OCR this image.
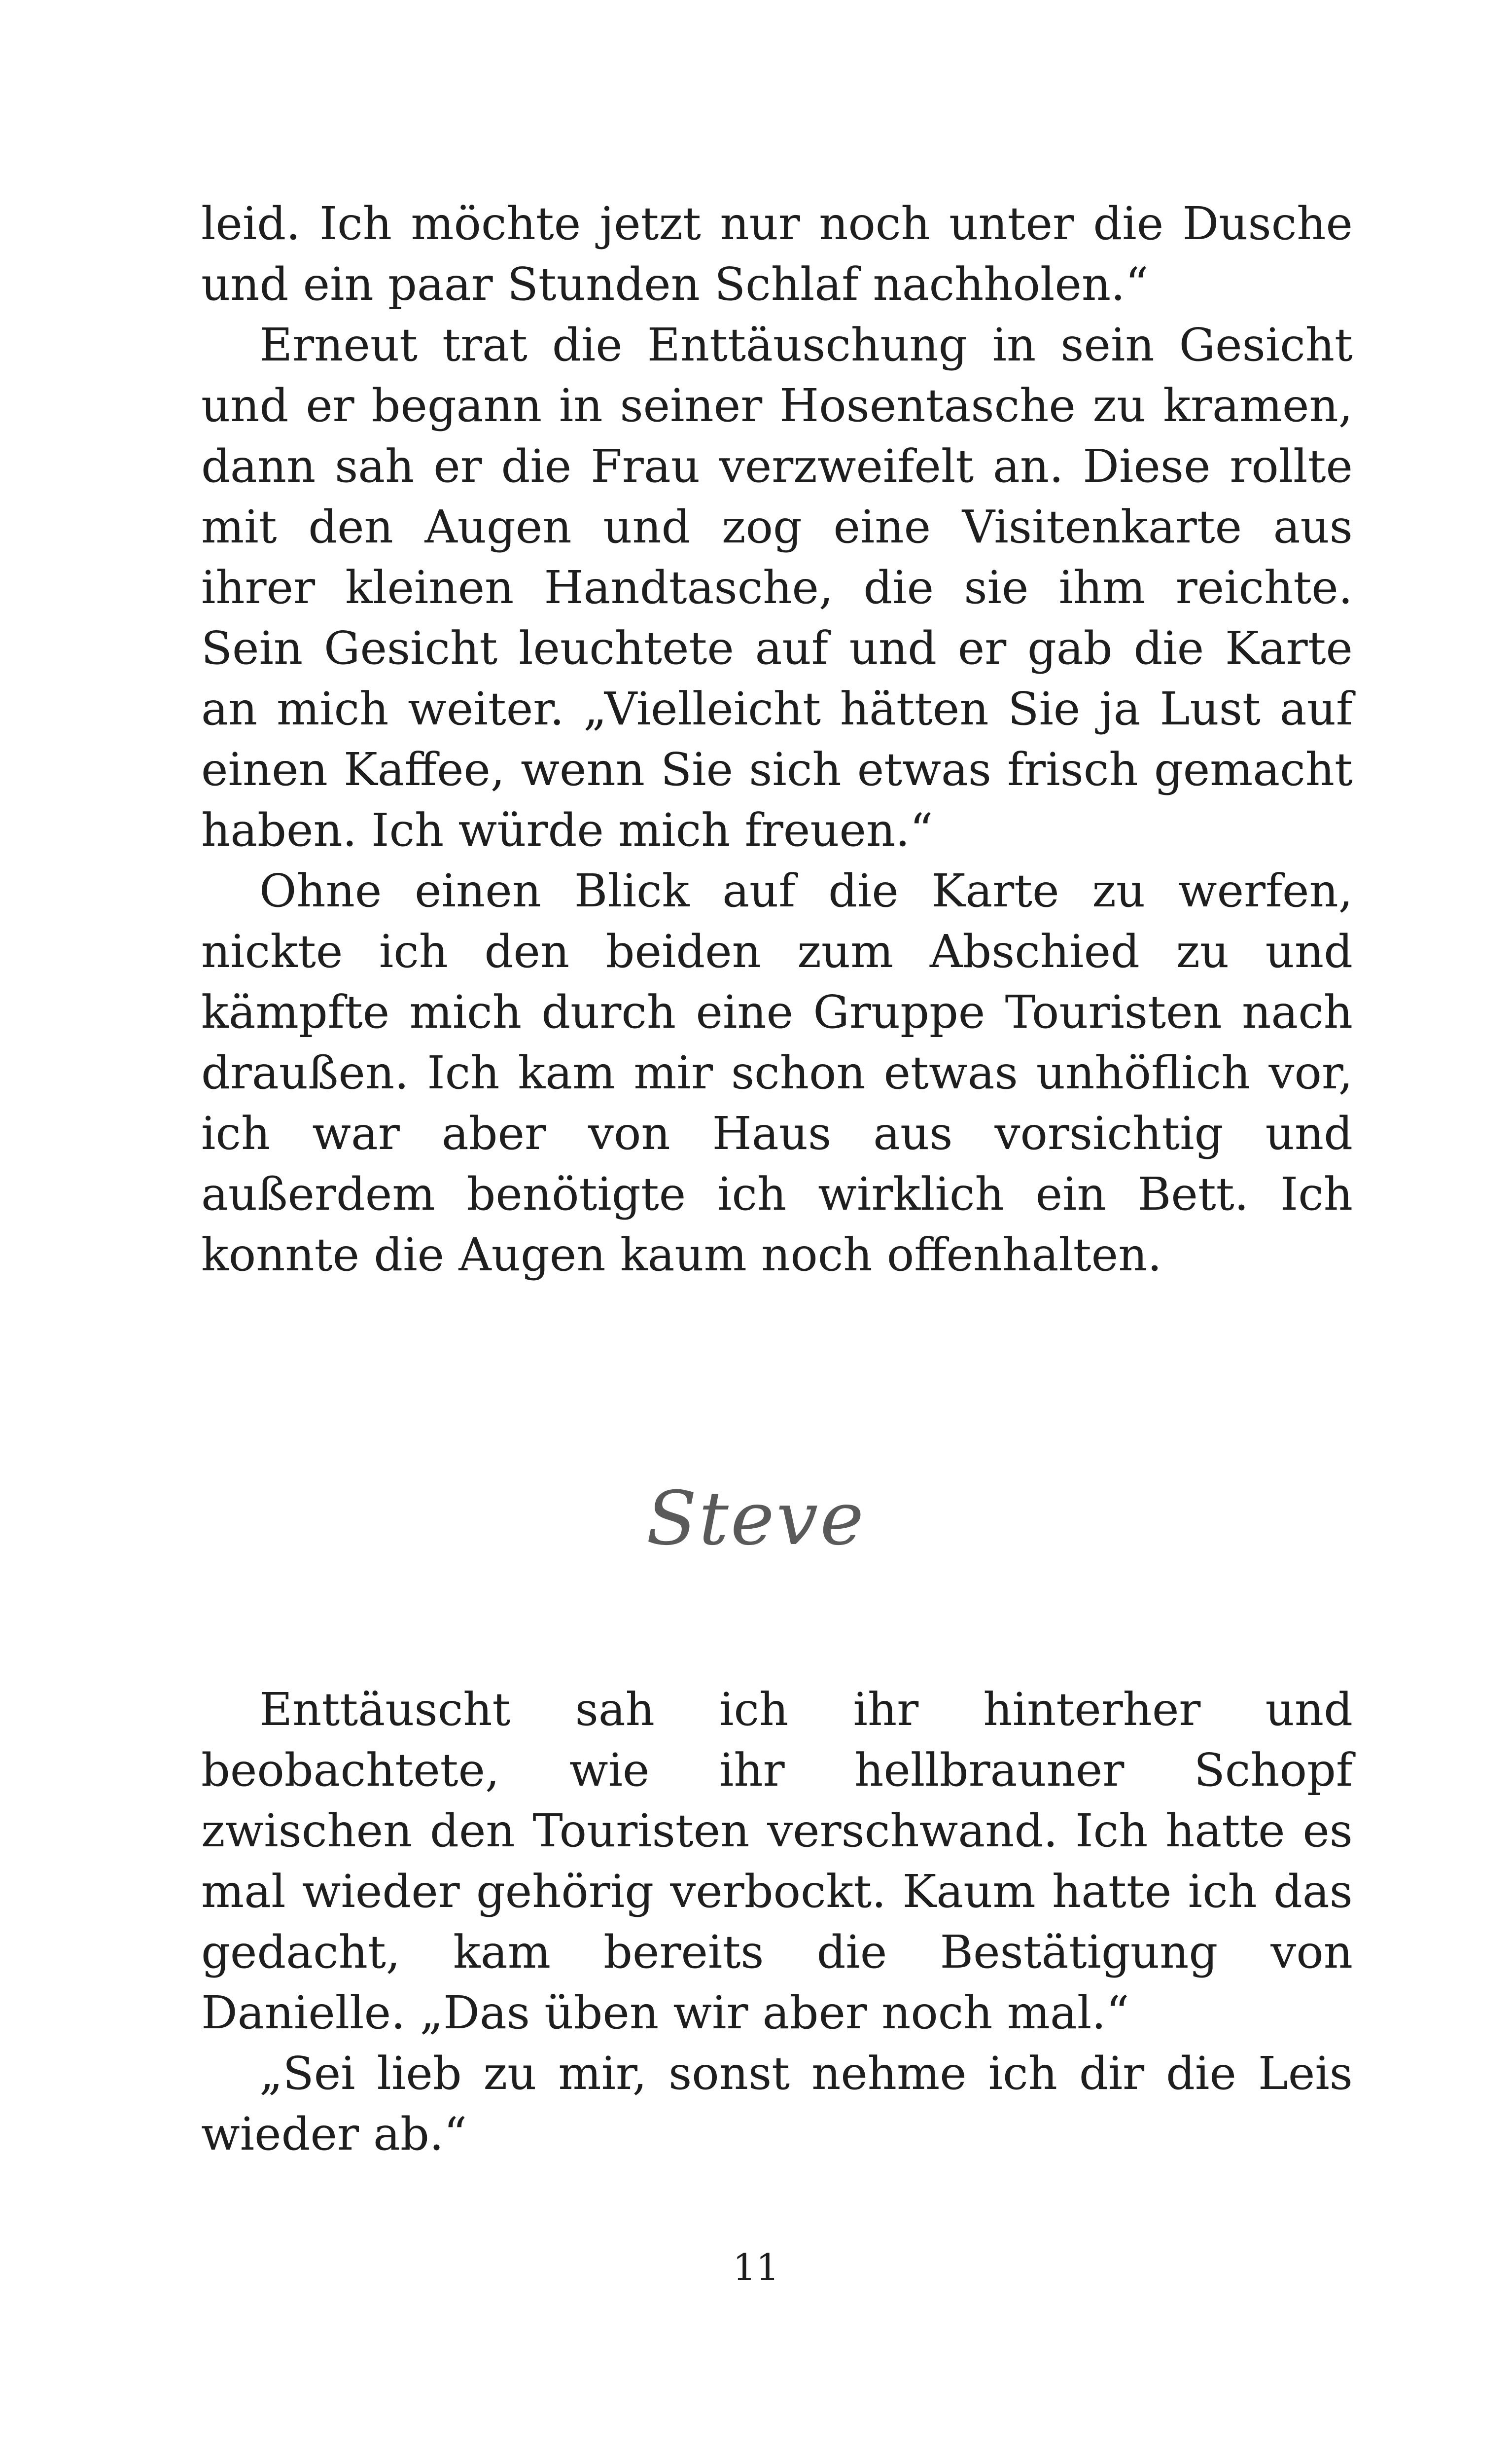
leid. Ich möchte jetzt nur noch unter die Dusche und ein paar Stunden Schlaf nachholen.“

Erneut trat die Enttäuschung in sein Gesicht und er begann in seiner Hosentasche zu kramen, dann sah er die Frau verzweifelt an. Diese rollte mit den Augen und zog eine Visitenkarte aus ihrer kleinen Handtasche, die sie ihm reichte. Sein Gesicht leuchtete auf und er gab die Karte an mich weiter. „Vielleicht hätten Sie ja Lust auf einen Kaffee, wenn Sie sich etwas frisch gemacht haben. Ich würde mich freuen.“

Ohne einen Blick auf die Karte zu werfen, nickte ich den beiden zum Abschied zu und kämpfte mich durch eine Gruppe Touristen nach draußen. Ich kam mir schon etwas unhöflich vor, ich war aber von Haus aus vorsichtig und außerdem benötigte ich wirklich ein Bett. Ich konnte die Augen kaum noch offenhalten.

Steve

Enttäuscht sah ich ihr hinterher und beobachtete, wie ihr hellbrauner Schopf zwischen den Touristen verschwand. Ich hatte es mal wieder gehörig verbockt. Kaum hatte ich das gedacht, kam bereits die Bestätigung von Danielle. „Das üben wir aber noch mal.“

„Sei lieb zu mir, sonst nehme ich dir die Leis wieder ab.“

11
